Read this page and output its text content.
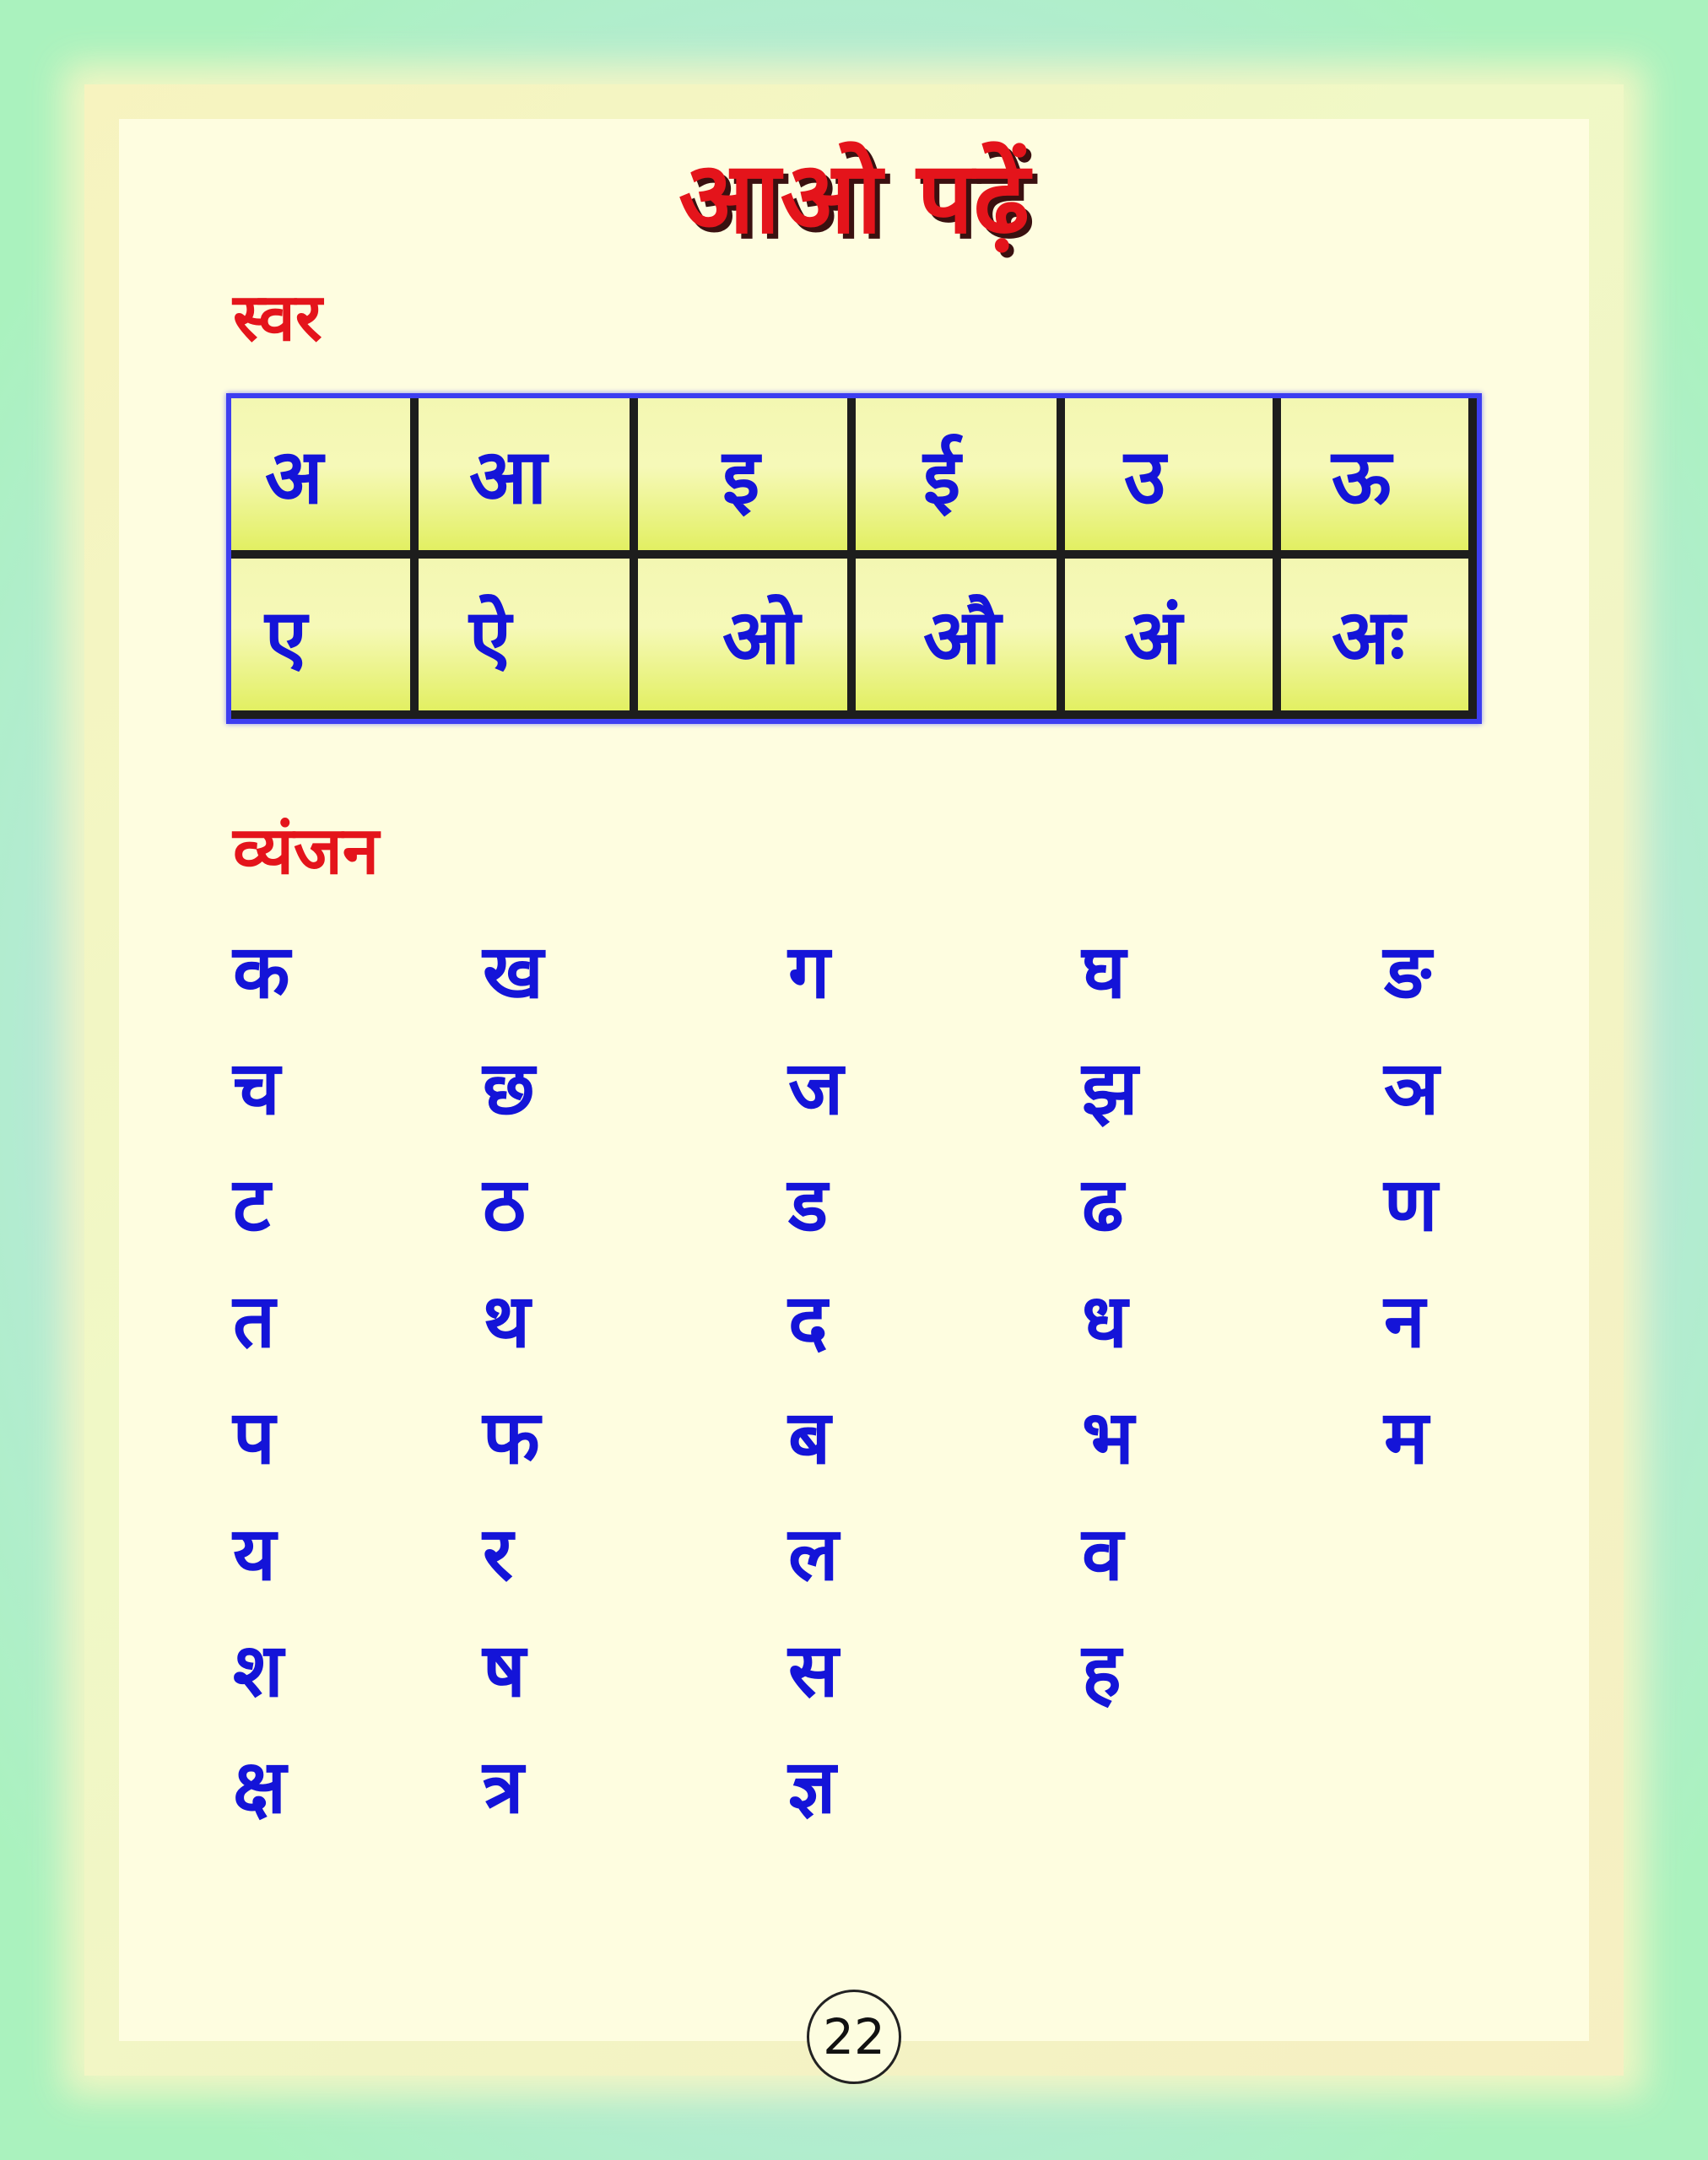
आओ पढ़ें
स्वर
अ	आ	इ	ई	उ	ऊ
ए	ऐ	ओ	औ	अं	अः
व्यंजन
क	ख	ग	घ	ङ
च	छ	ज	झ	ञ
ट	ठ	ड	ढ	ण
त	थ	द	ध	न
प	फ	ब	भ	म
य	र	ल	व
श	ष	स	ह
क्ष	त्र	ज्ञ
22
